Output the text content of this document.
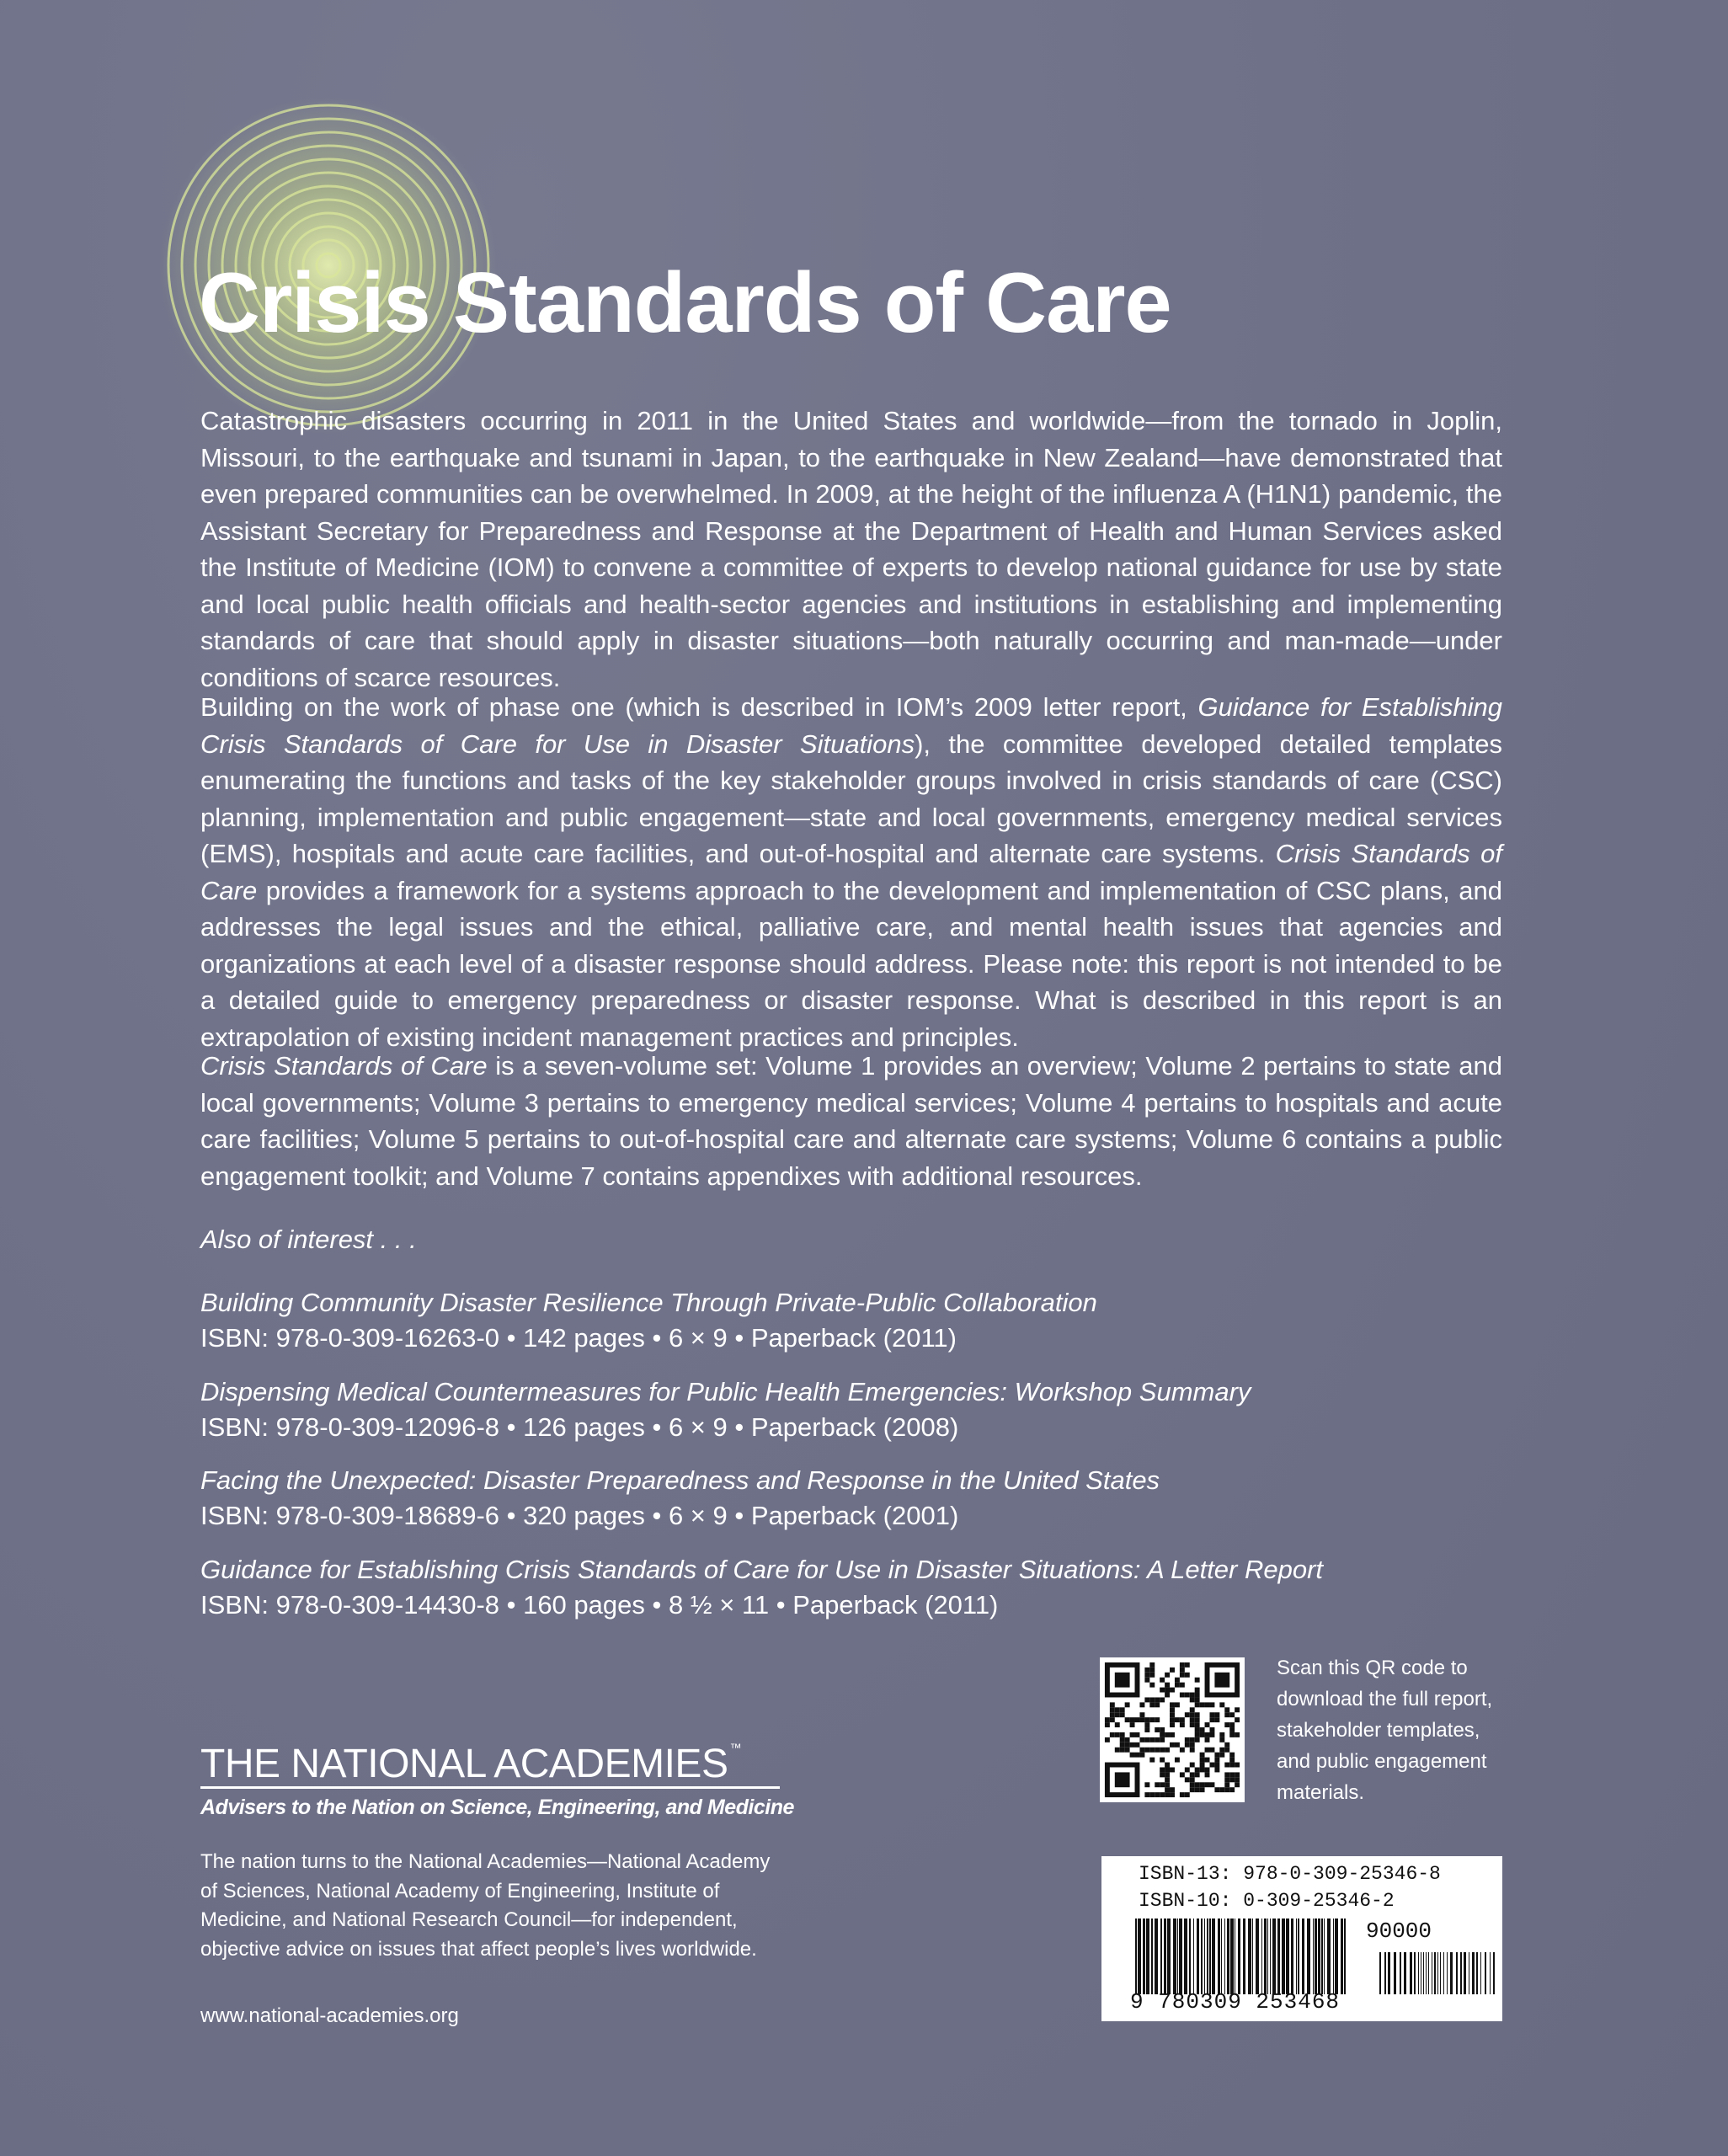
Crisis Standards of Care

Catastrophic disasters occurring in 2011 in the United States and worldwide—from the tornado in Joplin, Missouri, to the earthquake and tsunami in Japan, to the earthquake in New Zealand—have demonstrated that even prepared communities can be overwhelmed. In 2009, at the height of the influenza A (H1N1) pandemic, the Assistant Secretary for Preparedness and Response at the Department of Health and Human Services asked the Institute of Medicine (IOM) to convene a committee of experts to develop national guidance for use by state and local public health officials and health-sector agencies and institutions in establishing and implementing standards of care that should apply in disaster situations—both naturally occurring and man-made—under conditions of scarce resources.

Building on the work of phase one (which is described in IOM’s 2009 letter report, Guidance for Establishing Crisis Standards of Care for Use in Disaster Situations), the committee developed detailed templates enumerating the functions and tasks of the key stakeholder groups involved in crisis standards of care (CSC) planning, implementation and public engagement—state and local governments, emergency medical services (EMS), hospitals and acute care facilities, and out-of-hospital and alternate care systems. Crisis Standards of Care provides a framework for a systems approach to the development and implementation of CSC plans, and addresses the legal issues and the ethical, palliative care, and mental health issues that agencies and organizations at each level of a disaster response should address. Please note: this report is not intended to be a detailed guide to emergency preparedness or disaster response. What is described in this report is an extrapolation of existing incident management practices and principles.

Crisis Standards of Care is a seven-volume set: Volume 1 provides an overview; Volume 2 pertains to state and local governments; Volume 3 pertains to emergency medical services; Volume 4 pertains to hospitals and acute care facilities; Volume 5 pertains to out-of-hospital care and alternate care systems; Volume 6 contains a public engagement toolkit; and Volume 7 contains appendixes with additional resources.

Also of interest . . .
Building Community Disaster Resilience Through Private-Public Collaboration
ISBN: 978-0-309-16263-0 • 142 pages • 6 × 9 • Paperback (2011)
Dispensing Medical Countermeasures for Public Health Emergencies: Workshop Summary
ISBN: 978-0-309-12096-8 • 126 pages • 6 × 9 • Paperback (2008)
Facing the Unexpected: Disaster Preparedness and Response in the United States
ISBN: 978-0-309-18689-6 • 320 pages • 6 × 9 • Paperback (2001)
Guidance for Establishing Crisis Standards of Care for Use in Disaster Situations: A Letter Report
ISBN: 978-0-309-14430-8 • 160 pages • 8 ½ × 11 • Paperback (2011)
Scan this QR code to download the full report, stakeholder templates, and public engagement materials.
THE NATIONAL ACADEMIES ™
Advisers to the Nation on Science, Engineering, and Medicine
The nation turns to the National Academies—National Academy of Sciences, National Academy of Engineering, Institute of Medicine, and National Research Council—for independent, objective advice on issues that affect people’s lives worldwide.
www.national-academies.org
ISBN-13: 978-0-309-25346-8
ISBN-10: 0-309-25346-2
90000
9 780309 253468
